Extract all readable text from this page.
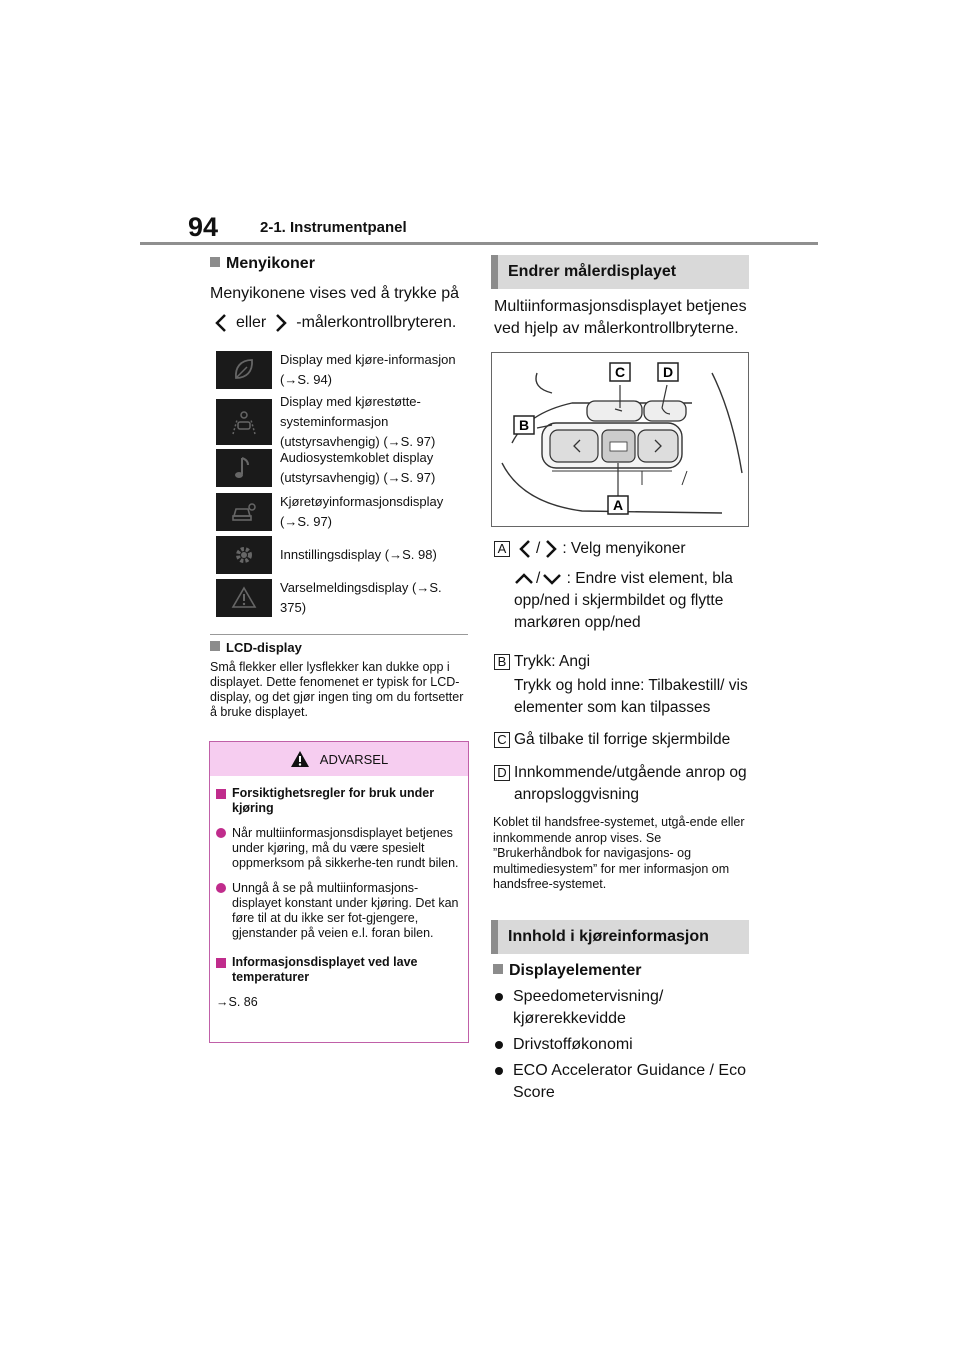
94	2-1. Instrumentpanel
Menyikoner
Menyikonene vises ved å trykke på
eller -målerkontrollbryteren.
Display med kjøre-informasjon (→S. 94)
Display med kjørestøtte-systeminformasjon (utstyrsavhengig) (→S. 97)
Audiosystemkoblet display (utstyrsavhengig) (→S. 97)
Kjøretøyinformasjonsdisplay (→S. 97)
Innstillingsdisplay (→S. 98)
Varselmeldingsdisplay (→S. 375)
LCD-display
Små flekker eller lysflekker kan dukke opp i displayet. Dette fenomenet er typisk for LCD-display, og det gjør ingen ting om du fortsetter å bruke displayet.
ADVARSEL
Forsiktighetsregler for bruk under kjøring
Når multiinformasjonsdisplayet betjenes under kjøring, må du være spesielt oppmerksom på sikkerhe-ten rundt bilen.
Unngå å se på multiinformasjons-displayet konstant under kjøring. Det kan føre til at du ikke ser fot-gjengere, gjenstander på veien e.l. foran bilen.
Informasjonsdisplayet ved lave temperaturer
→S. 86
Endrer målerdisplayet
Multiinformasjonsdisplayet betjenes ved hjelp av målerkontrollbryterne.
C	D
B
A
A / : Velg menyikoner
/ : Endre vist element, bla opp/ned i skjermbildet og flytte markøren opp/ned
B Trykk: Angi
Trykk og hold inne: Tilbakestill/ vis elementer som kan tilpasses
C Gå tilbake til forrige skjermbilde
D Innkommende/utgående anrop og anropsloggvisning
Koblet til handsfree-systemet, utgå-ende eller innkommende anrop vises. Se ”Brukerhåndbok for navigasjons- og multimediesystem” for mer informasjon om handsfree-systemet.
Innhold i kjøreinformasjon
Displayelementer
Speedometervisning/ kjørerekkevidde
Drivstofføkonomi
ECO Accelerator Guidance / Eco Score
